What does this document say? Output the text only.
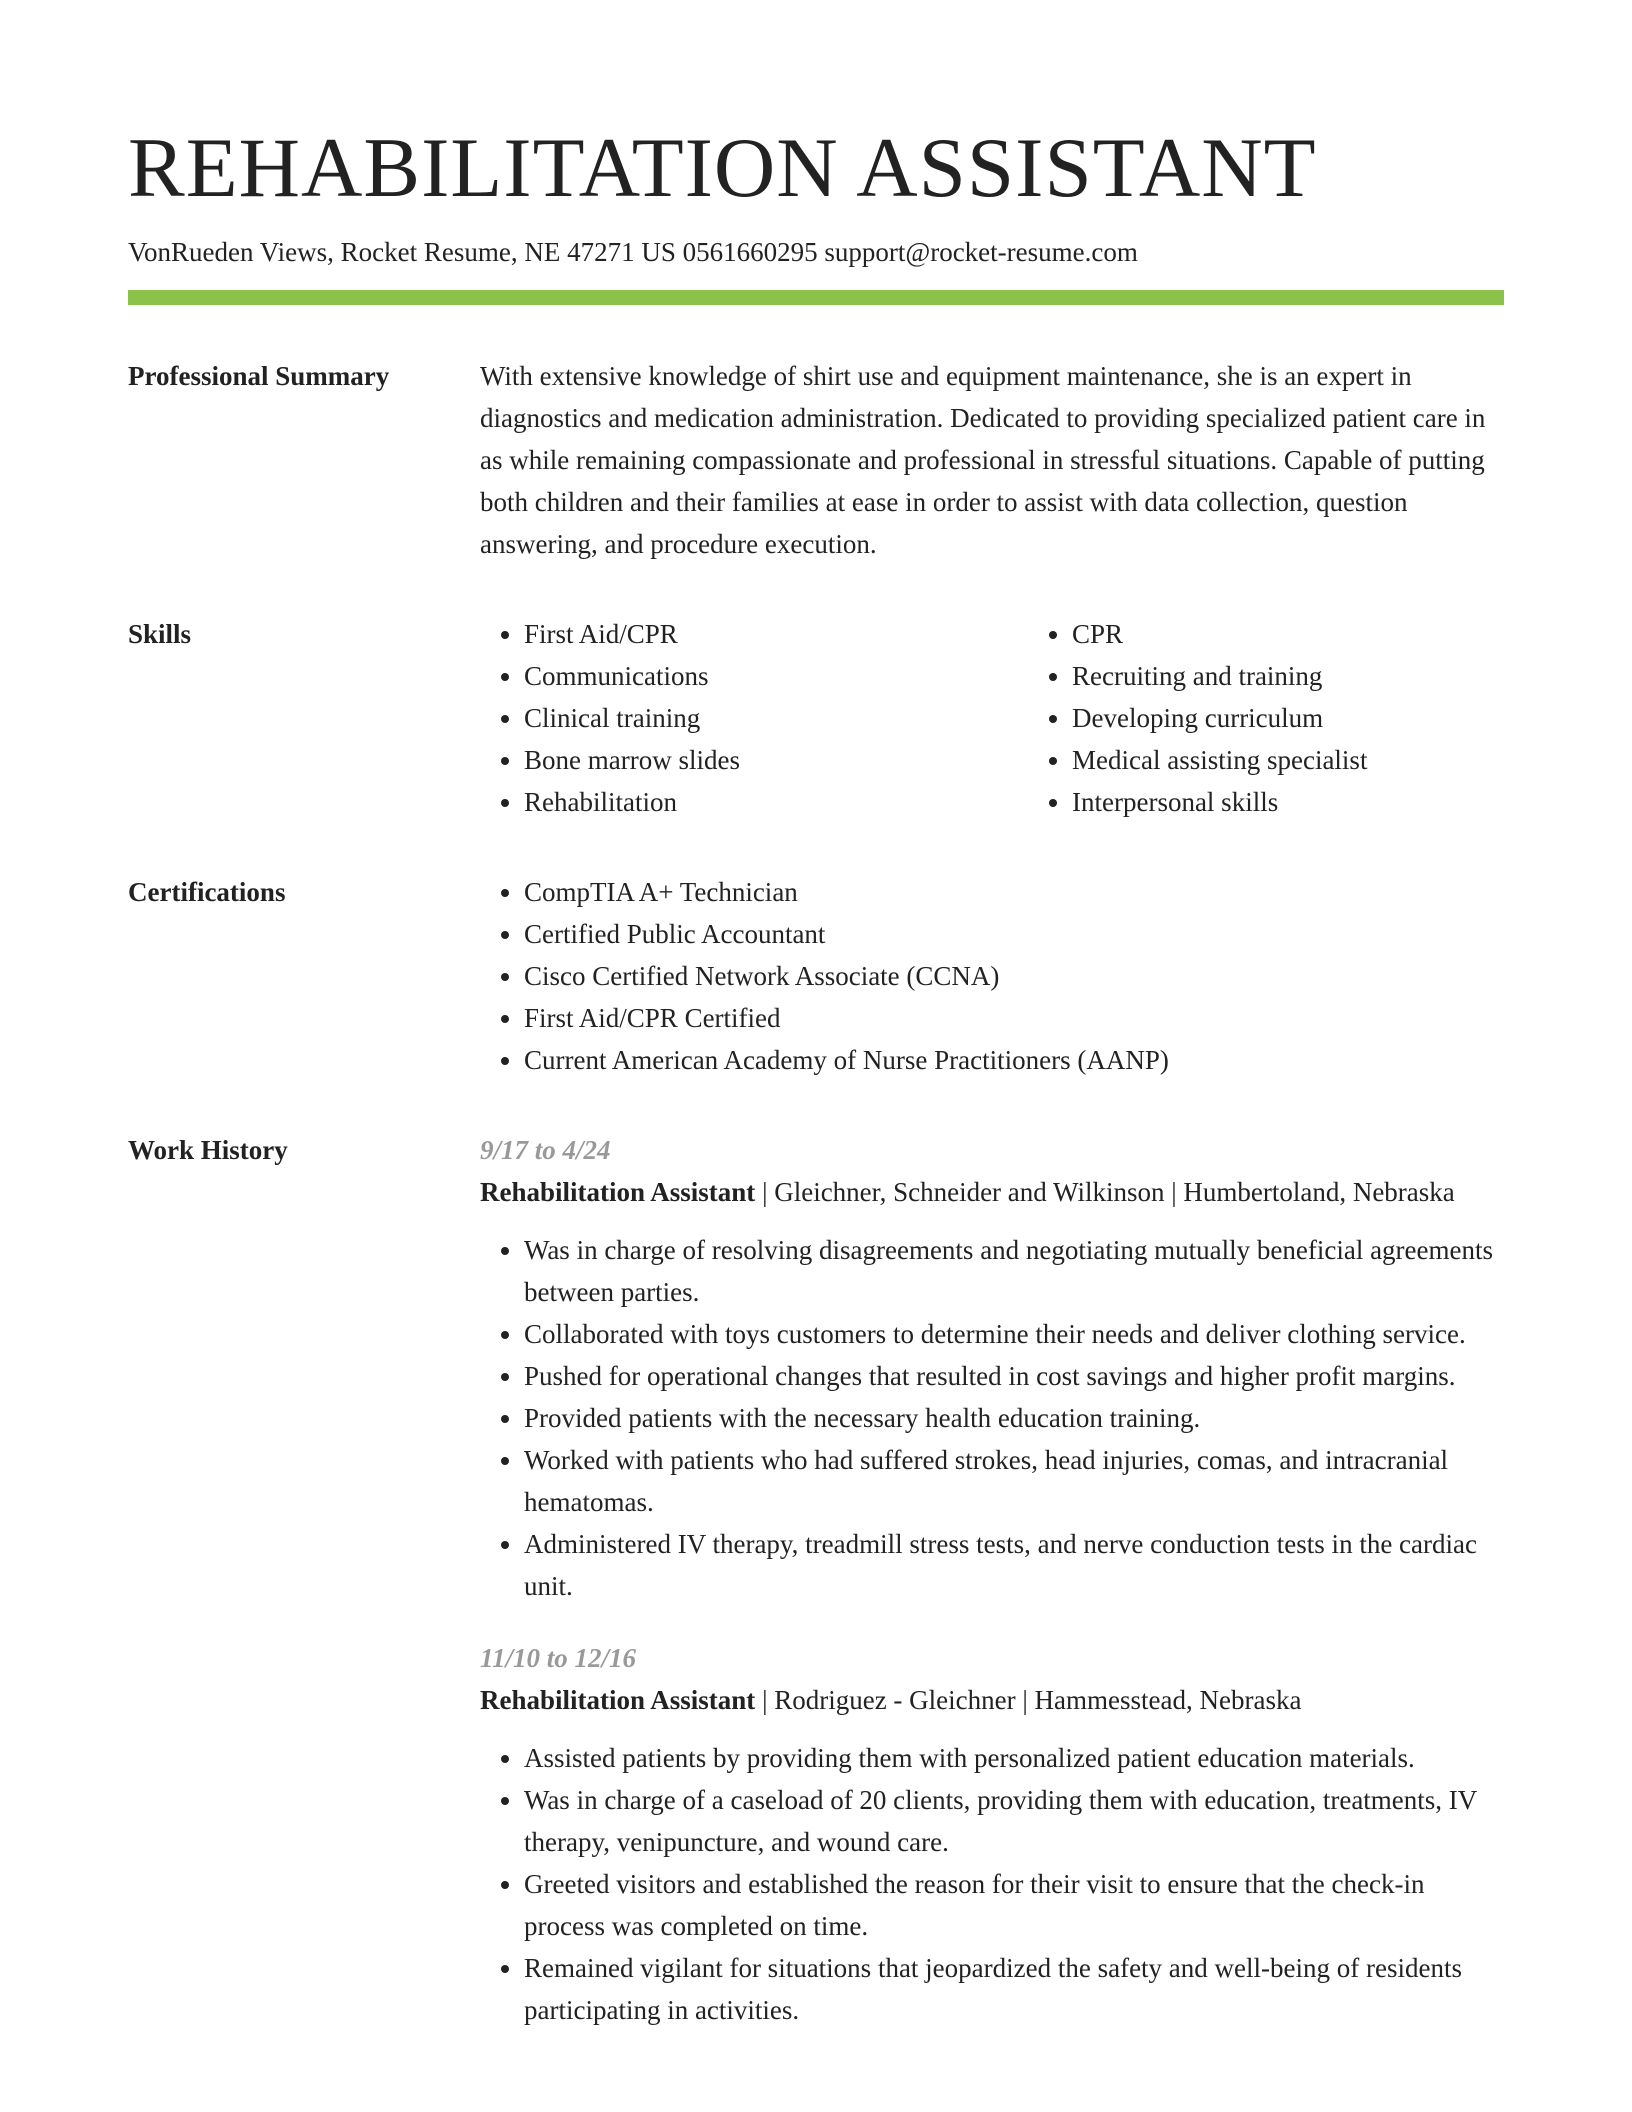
REHABILITATION ASSISTANT
VonRueden Views, Rocket Resume, NE 47271 US 0561660295 support@rocket-resume.com
Professional Summary	With extensive knowledge of shirt use and equipment maintenance, she is an expert in diagnostics and medication administration. Dedicated to providing specialized patient care in as while remaining compassionate and professional in stressful situations. Capable of putting both children and their families at ease in order to assist with data collection, question answering, and procedure execution.

Skills	• First Aid/CPR
• Communications
• Clinical training
• Bone marrow slides
• Rehabilitation
• CPR
• Recruiting and training
• Developing curriculum
• Medical assisting specialist
• Interpersonal skills
Certifications	• CompTIA A+ Technician
• Certified Public Accountant
• Cisco Certified Network Associate (CCNA)
• First Aid/CPR Certified
• Current American Academy of Nurse Practitioners (AANP)
Work History	9/17 to 4/24
Rehabilitation Assistant | Gleichner, Schneider and Wilkinson | Humbertoland, Nebraska
• Was in charge of resolving disagreements and negotiating mutually beneficial agreements between parties.
• Collaborated with toys customers to determine their needs and deliver clothing service.
• Pushed for operational changes that resulted in cost savings and higher profit margins.
• Provided patients with the necessary health education training.
• Worked with patients who had suffered strokes, head injuries, comas, and intracranial hematomas.
• Administered IV therapy, treadmill stress tests, and nerve conduction tests in the cardiac unit.
11/10 to 12/16
Rehabilitation Assistant | Rodriguez - Gleichner | Hammesstead, Nebraska
• Assisted patients by providing them with personalized patient education materials.
• Was in charge of a caseload of 20 clients, providing them with education, treatments, IV therapy, venipuncture, and wound care.
• Greeted visitors and established the reason for their visit to ensure that the check-in process was completed on time.
• Remained vigilant for situations that jeopardized the safety and well-being of residents participating in activities.
